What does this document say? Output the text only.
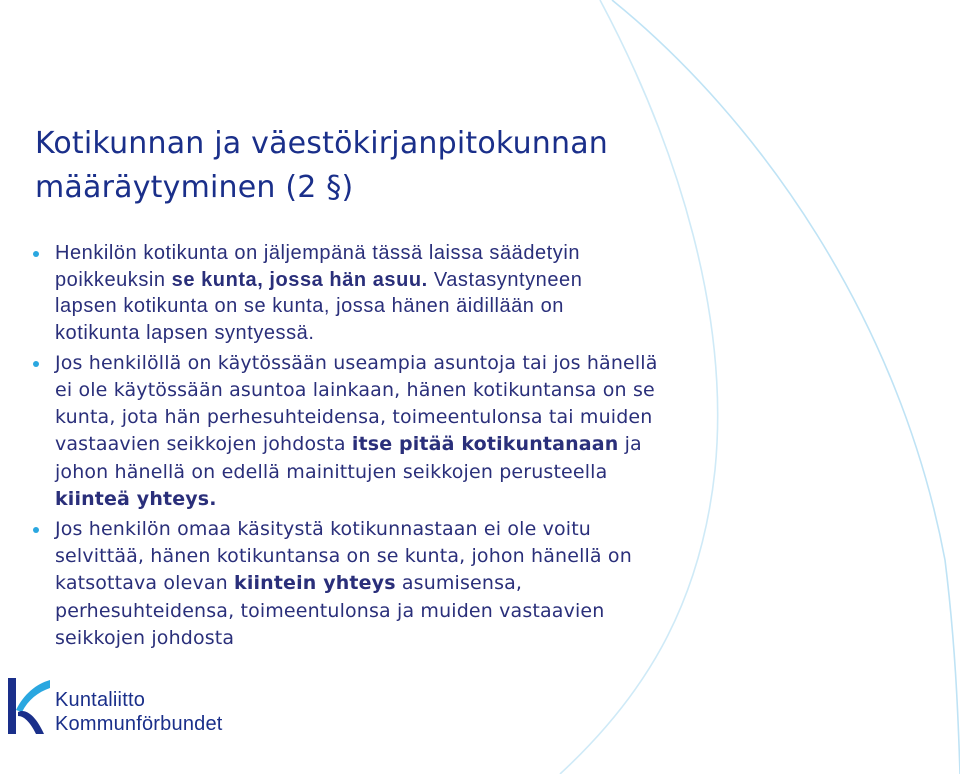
Kotikunnan ja väestökirjanpitokunnan
määräytyminen (2 §)
Henkilön kotikunta on jäljempänä tässä laissa säädetyin
poikkeuksin se kunta, jossa hän asuu. Vastasyntyneen
lapsen kotikunta on se kunta, jossa hänen äidillään on
kotikunta lapsen syntyessä.
Jos henkilöllä on käytössään useampia asuntoja tai jos hänellä
ei ole käytössään asuntoa lainkaan, hänen kotikuntansa on se
kunta, jota hän perhesuhteidensa, toimeentulonsa tai muiden
vastaavien seikkojen johdosta itse pitää kotikuntanaan ja
johon hänellä on edellä mainittujen seikkojen perusteella
kiinteä yhteys.
Jos henkilön omaa käsitystä kotikunnastaan ei ole voitu
selvittää, hänen kotikuntansa on se kunta, johon hänellä on
katsottava olevan kiintein yhteys asumisensa,
perhesuhteidensa, toimeentulonsa ja muiden vastaavien
seikkojen johdosta
Kuntaliitto
Kommunförbundet
